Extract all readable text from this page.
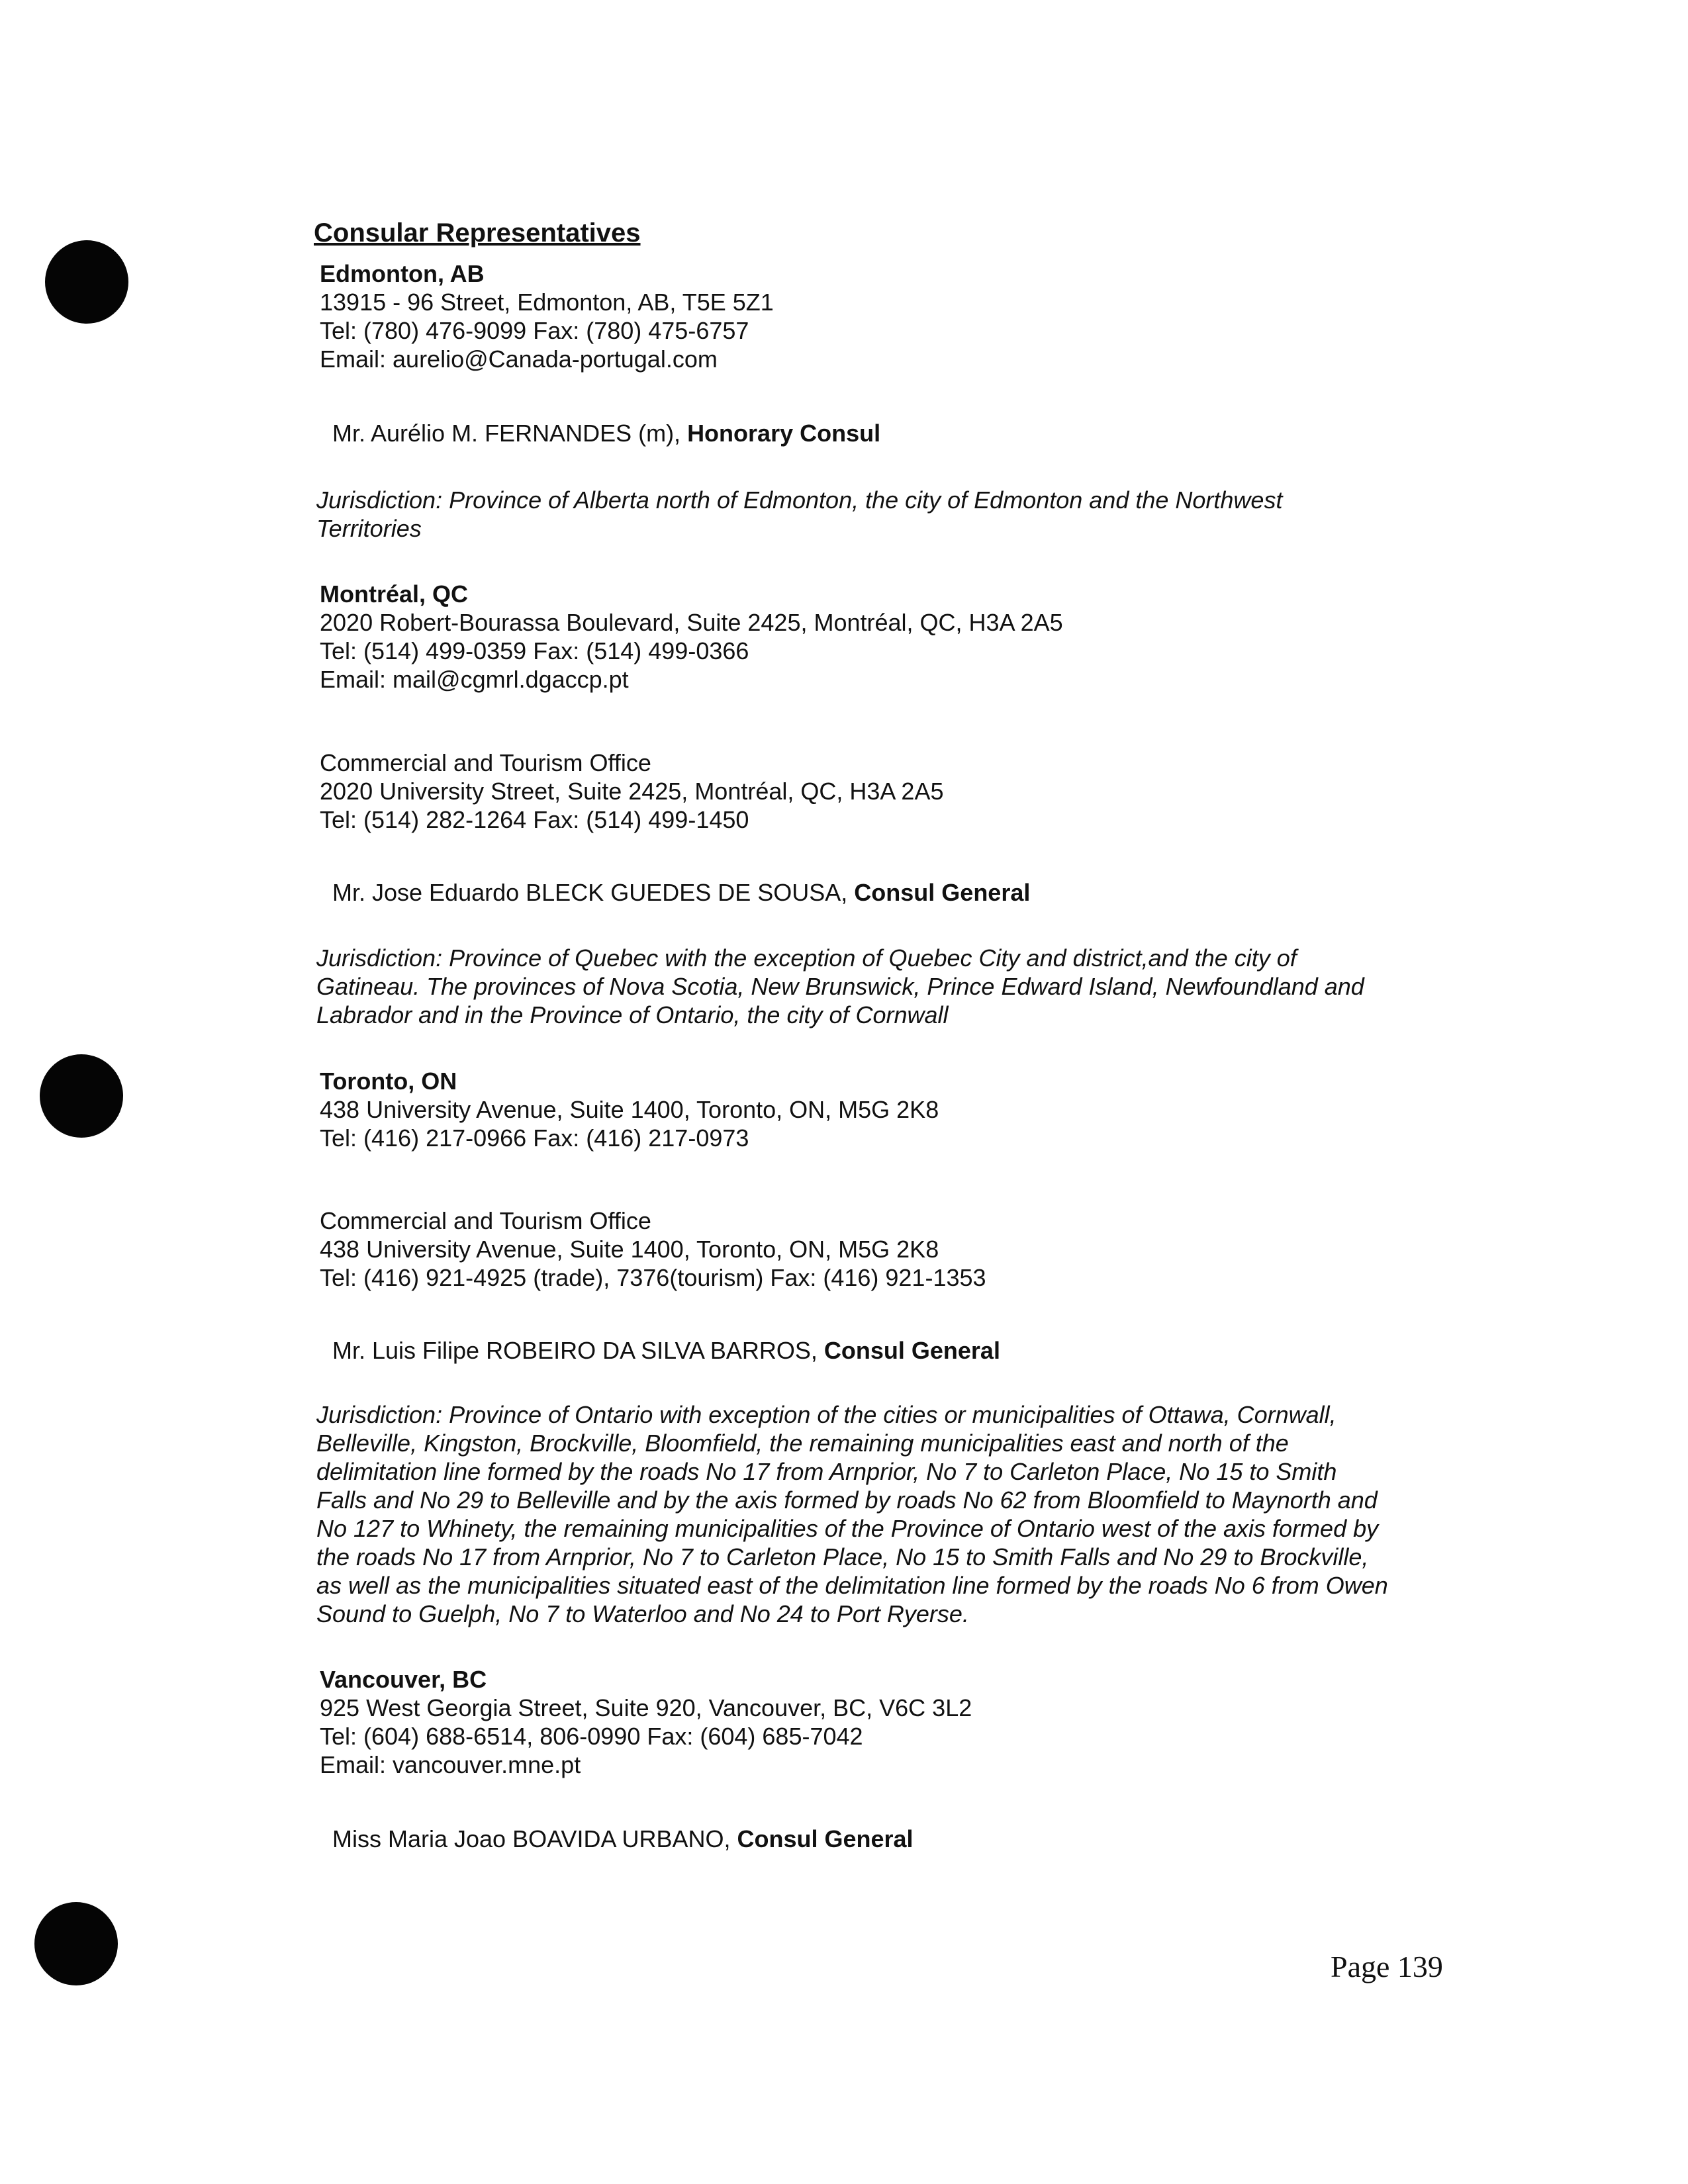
Consular Representatives
Edmonton, AB
13915 - 96 Street, Edmonton, AB, T5E 5Z1
Tel: (780) 476-9099 Fax: (780) 475-6757
Email: aurelio@Canada-portugal.com
Mr. Aurélio M. FERNANDES (m), Honorary Consul
Jurisdiction: Province of Alberta north of Edmonton, the city of Edmonton and the Northwest Territories
Montréal, QC
2020 Robert-Bourassa Boulevard, Suite 2425, Montréal, QC, H3A 2A5
Tel: (514) 499-0359 Fax: (514) 499-0366
Email: mail@cgmrl.dgaccp.pt
Commercial and Tourism Office
2020 University Street, Suite 2425, Montréal, QC, H3A 2A5
Tel: (514) 282-1264 Fax: (514) 499-1450
Mr. Jose Eduardo BLECK GUEDES DE SOUSA, Consul General
Jurisdiction: Province of Quebec with the exception of Quebec City and district,and the city of Gatineau. The provinces of Nova Scotia, New Brunswick, Prince Edward Island, Newfoundland and Labrador and in the Province of Ontario, the city of Cornwall
Toronto, ON
438 University Avenue, Suite 1400, Toronto, ON, M5G 2K8
Tel: (416) 217-0966 Fax: (416) 217-0973
Commercial and Tourism Office
438 University Avenue, Suite 1400, Toronto, ON, M5G 2K8
Tel: (416) 921-4925 (trade), 7376(tourism) Fax: (416) 921-1353
Mr. Luis Filipe ROBEIRO DA SILVA BARROS, Consul General
Jurisdiction: Province of Ontario with exception of the cities or municipalities of Ottawa, Cornwall, Belleville, Kingston, Brockville, Bloomfield, the remaining municipalities east and north of the delimitation line formed by the roads No 17 from Arnprior, No 7 to Carleton Place, No 15 to Smith Falls and No 29 to Belleville and by the axis formed by roads No 62 from Bloomfield to Maynorth and No 127 to Whinety, the remaining municipalities of the Province of Ontario west of the axis formed by the roads No 17 from Arnprior, No 7 to Carleton Place, No 15 to Smith Falls and No 29 to Brockville, as well as the municipalities situated east of the delimitation line formed by the roads No 6 from Owen Sound to Guelph, No 7 to Waterloo and No 24 to Port Ryerse.
Vancouver, BC
925 West Georgia Street, Suite 920, Vancouver, BC, V6C 3L2
Tel: (604) 688-6514, 806-0990 Fax: (604) 685-7042
Email: vancouver.mne.pt
Miss Maria Joao BOAVIDA URBANO, Consul General
Page 139
